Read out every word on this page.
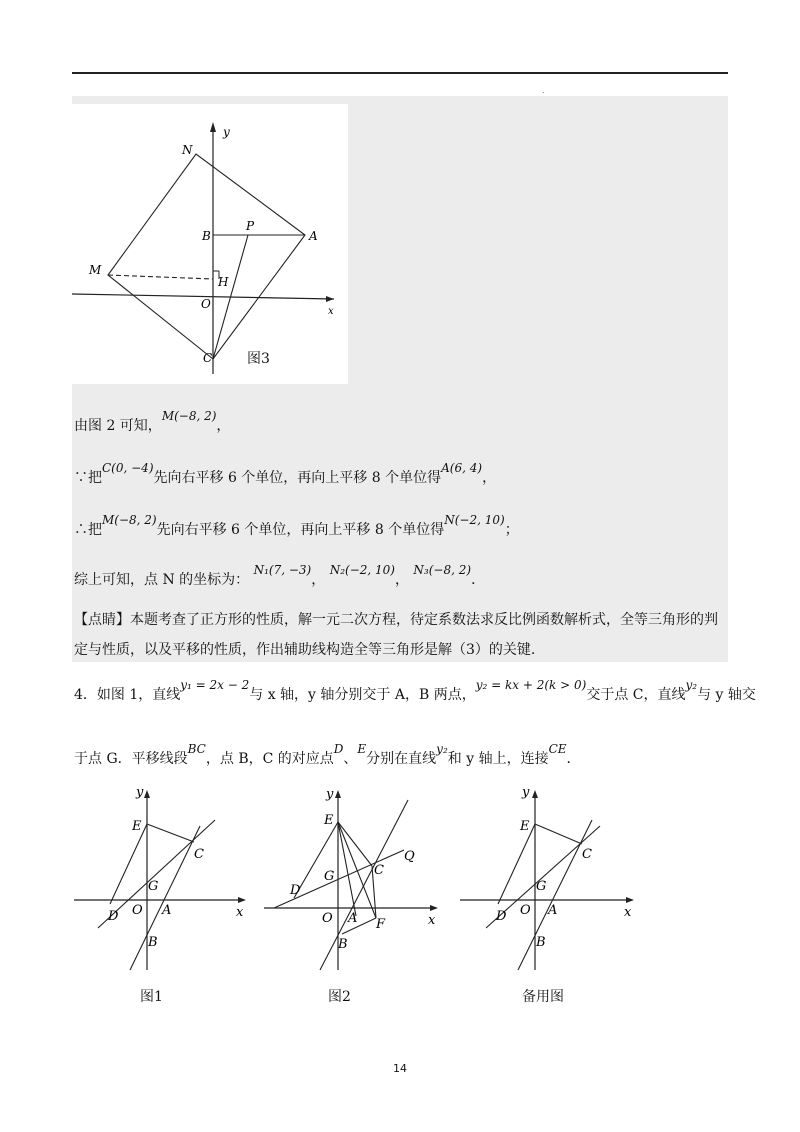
.
y
x
N
B
P
A
M
H
O
C 图3
由图 2 可知，M(−8, 2)，
∵把C(0, −4)先向右平移 6 个单位，再向上平移 8 个单位得A(6, 4)，
∴把M(−8, 2)先向右平移 6 个单位，再向上平移 8 个单位得N(−2, 10)；
综上可知，点 N 的坐标为： N₁(7, −3)， N₂(−2, 10)， N₃(−8, 2)．
【点睛】本题考查了正方形的性质，解一元二次方程，待定系数法求反比例函数解析式，全等三角形的判定与性质，以及平移的性质，作出辅助线构造全等三角形是解（3）的关键.
4．如图 1，直线y₁ = 2x − 2与 x 轴，y 轴分别交于 A，B 两点，y₂ = kx + 2(k > 0)交于点 C，直线y₂与 y 轴交
于点 G．平移线段BC，点 B，C 的对应点D、E分别在直线y₂和 y 轴上，连接CE．
y
E
C
G
D O A	x
B
y
E
Q
C
G
D
O A F	x
B
y
E
C
G
D O A	x
B
图1	图2	备用图
14
